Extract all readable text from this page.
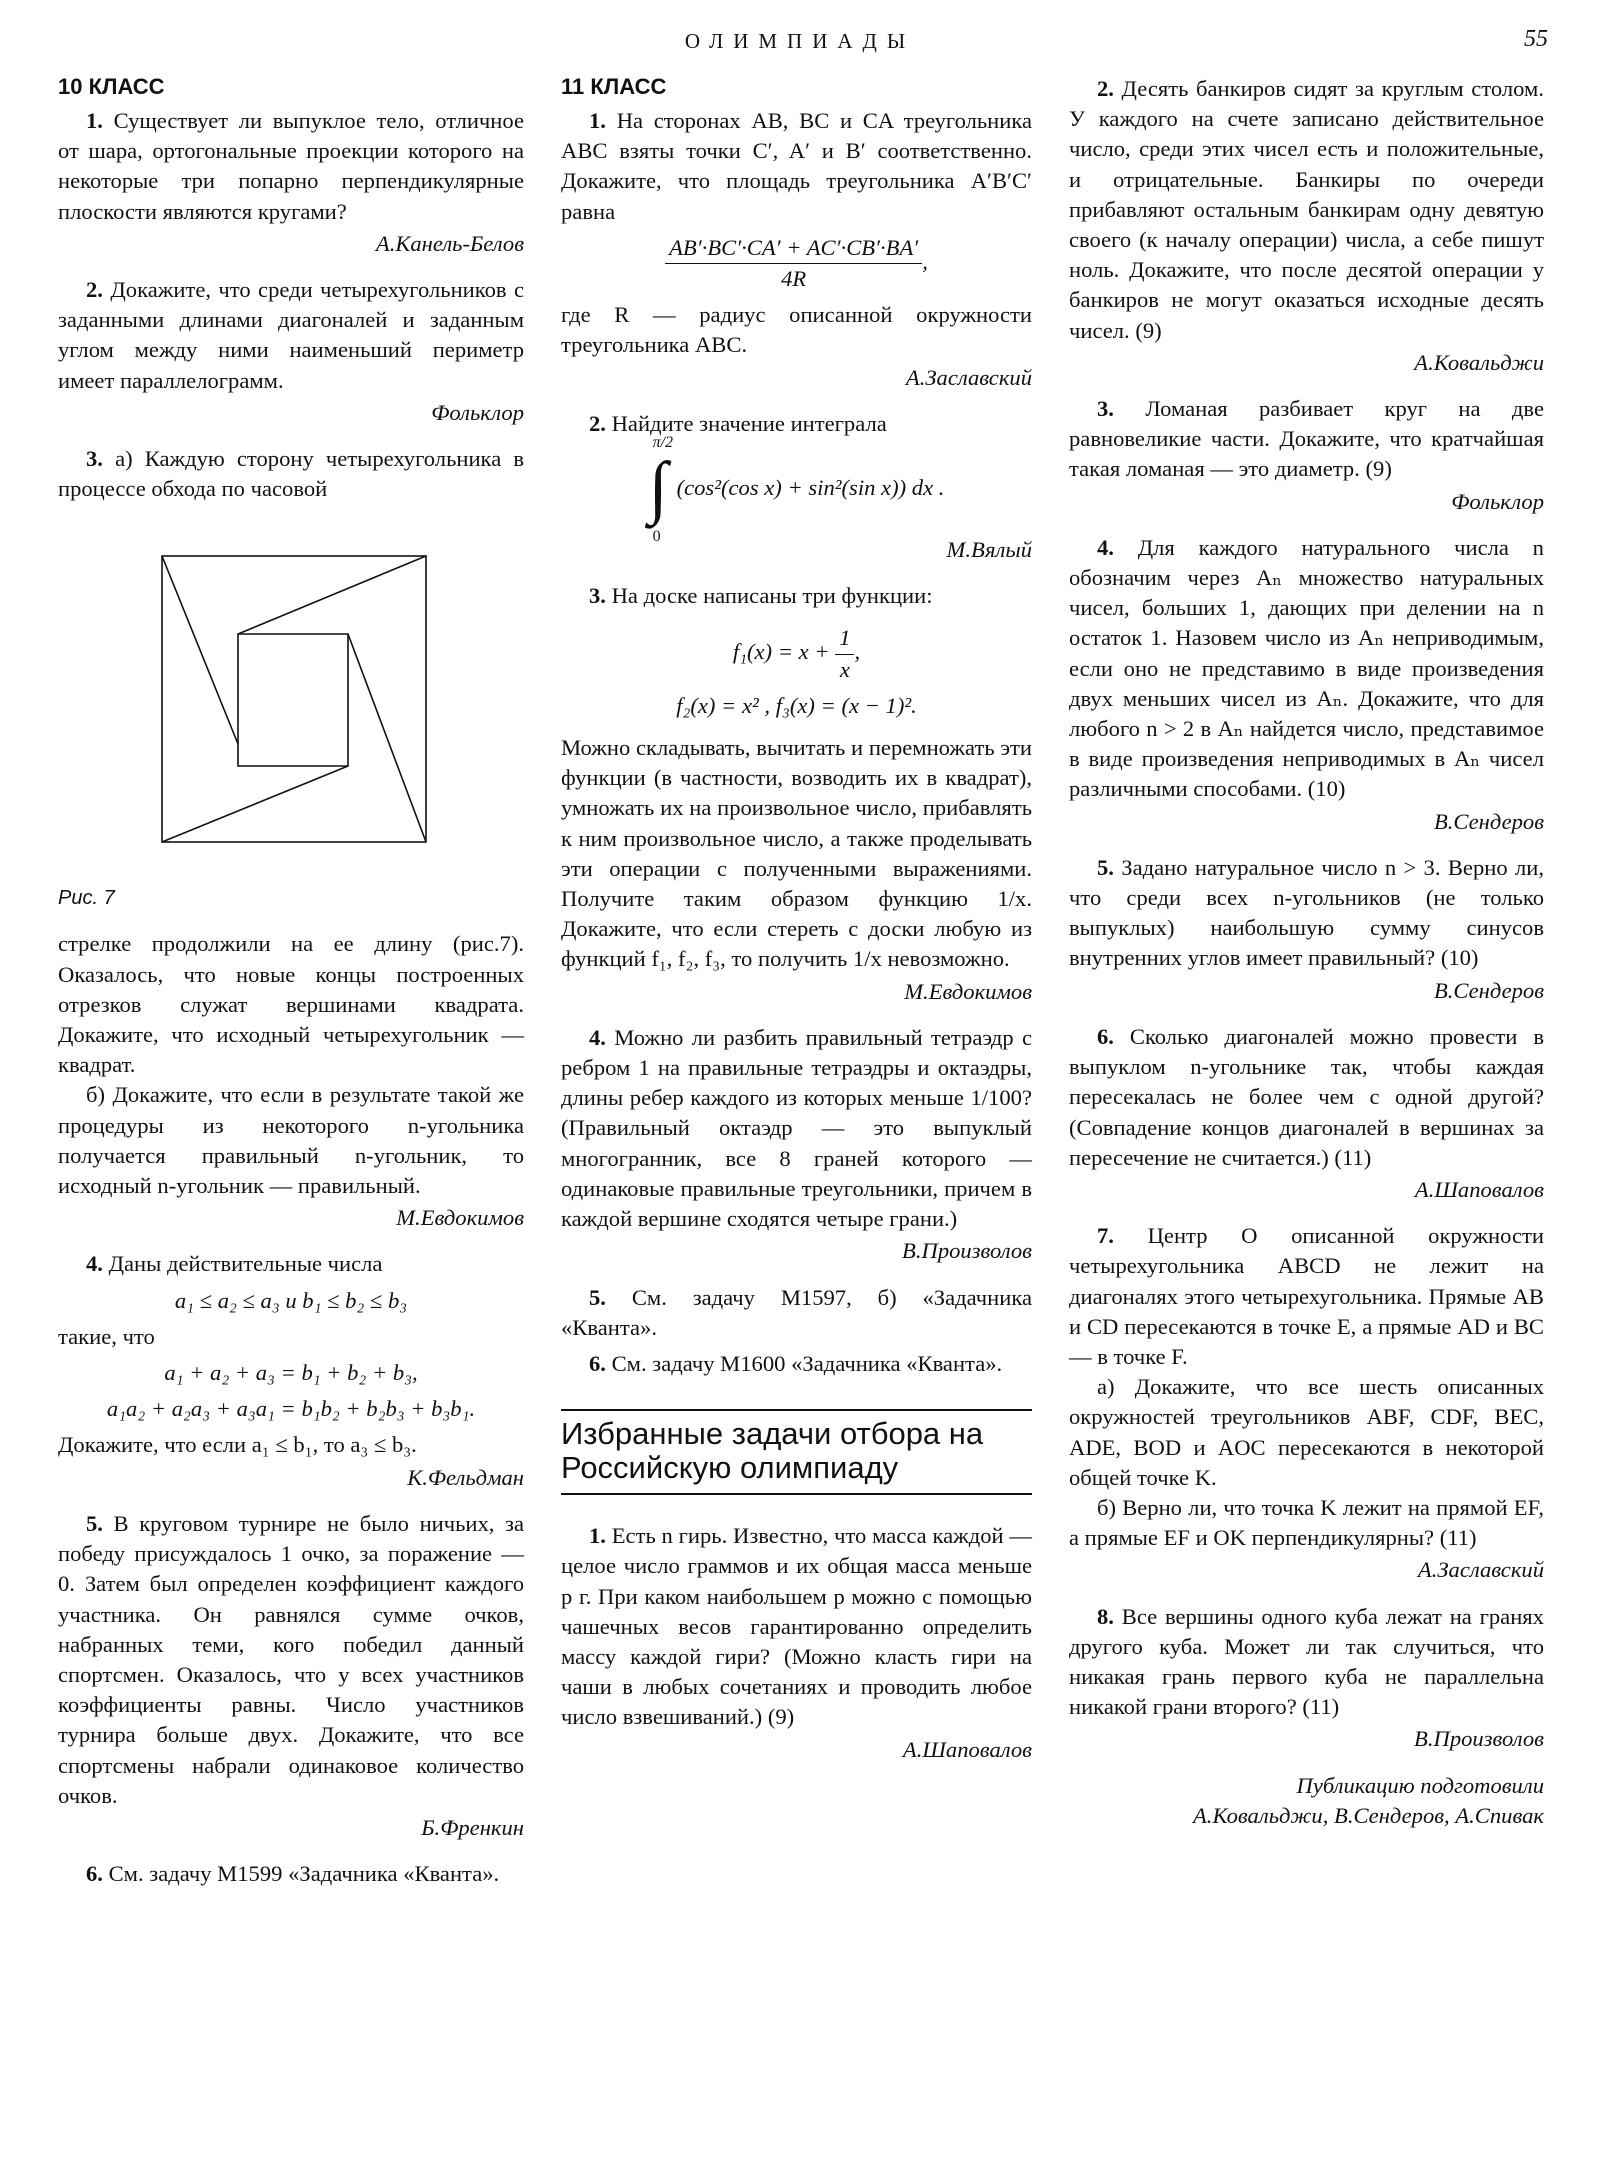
ОЛИМПИАДЫ	55
10 КЛАСС

1. Существует ли выпуклое тело, отличное от шара, ортогональные проекции которого на некоторые три попарно перпендикулярные плоскости являются кругами?

А.Канель-Белов

2. Докажите, что среди четырехугольников с заданными длинами диагоналей и заданным углом между ними наименьший периметр имеет параллелограмм.

Фольклор

3. а) Каждую сторону четырехугольника в процессе обхода по часовой

Рис. 7

стрелке продолжили на ее длину (рис.7). Оказалось, что новые концы построенных отрезков служат вершинами квадрата. Докажите, что исходный четырехугольник — квадрат.

б) Докажите, что если в результате такой же процедуры из некоторого n-угольника получается правильный n-угольник, то исходный n-угольник — правильный.

М.Евдокимов

4. Даны действительные числа

a₁ ≤ a₂ ≤ a₃ и b₁ ≤ b₂ ≤ b₃

такие, что

a₁ + a₂ + a₃ = b₁ + b₂ + b₃,
a₁a₂ + a₂a₃ + a₃a₁ = b₁b₂ + b₂b₃ + b₃b₁.

Докажите, что если a₁ ≤ b₁, то a₃ ≤ b₃.

К.Фельдман

5. В круговом турнире не было ничьих, за победу присуждалось 1 очко, за поражение — 0. Затем был определен коэффициент каждого участника. Он равнялся сумме очков, набранных теми, кого победил данный спортсмен. Оказалось, что у всех участников коэффициенты равны. Число участников турнира больше двух. Докажите, что все спортсмены набрали одинаковое количество очков.

Б.Френкин

6. См. задачу М1599 «Задачника «Кванта».

11 КЛАСС

1. На сторонах AB, BC и CA треугольника ABC взяты точки C′, A′ и B′ соответственно. Докажите, что площадь треугольника A′B′C′ равна

$\frac{AB'\cdot BC'\cdot CA' + AC'\cdot CB'\cdot BA'}{4R}$ ,

где R — радиус описанной окружности треугольника ABC.

А.Заславский

2. Найдите значение интеграла

∫
π/2
0
(cos²(cos x) + sin²(sin x)) dx .
М.Вялый

3. На доске написаны три функции:

$f_1(x) = x + \frac{1}{x}$ ,
f₂(x) = x² , f₃(x) = (x − 1)².

Можно складывать, вычитать и перемножать эти функции (в частности, возводить их в квадрат), умножать их на произвольное число, прибавлять к ним произвольное число, а также проделывать эти операции с полученными выражениями. Получите таким образом функцию 1/x. Докажите, что если стереть с доски любую из функций f₁, f₂, f₃, то получить 1/x невозможно.

М.Евдокимов

4. Можно ли разбить правильный тетраэдр с ребром 1 на правильные тетраэдры и октаэдры, длины ребер каждого из которых меньше 1/100? (Правильный октаэдр — это выпуклый многогранник, все 8 граней которого — одинаковые правильные треугольники, причем в каждой вершине сходятся четыре грани.)

В.Произволов

5. См. задачу М1597, б) «Задачника «Кванта».

6. См. задачу М1600 «Задачника «Кванта».

Избранные задачи отбора на Российскую олимпиаду

1. Есть n гирь. Известно, что масса каждой — целое число граммов и их общая масса меньше p г. При каком наибольшем p можно с помощью чашечных весов гарантированно определить массу каждой гири? (Можно класть гири на чаши в любых сочетаниях и проводить любое число взвешиваний.) (9)

А.Шаповалов

2. Десять банкиров сидят за круглым столом. У каждого на счете записано действительное число, среди этих чисел есть и положительные, и отрицательные. Банкиры по очереди прибавляют остальным банкирам одну девятую своего (к началу операции) числа, а себе пишут ноль. Докажите, что после десятой операции у банкиров не могут оказаться исходные десять чисел. (9)

А.Ковальджи

3. Ломаная разбивает круг на две равновеликие части. Докажите, что кратчайшая такая ломаная — это диаметр. (9)

Фольклор

4. Для каждого натурального числа n обозначим через Aₙ множество натуральных чисел, больших 1, дающих при делении на n остаток 1. Назовем число из Aₙ неприводимым, если оно не представимо в виде произведения двух меньших чисел из Aₙ. Докажите, что для любого n > 2 в Aₙ найдется число, представимое в виде произведения неприводимых в Aₙ чисел различными способами. (10)

В.Сендеров

5. Задано натуральное число n > 3. Верно ли, что среди всех n-угольников (не только выпуклых) наибольшую сумму синусов внутренних углов имеет правильный? (10)

В.Сендеров

6. Сколько диагоналей можно провести в выпуклом n-угольнике так, чтобы каждая пересекалась не более чем с одной другой? (Совпадение концов диагоналей в вершинах за пересечение не считается.) (11)

А.Шаповалов

7. Центр O описанной окружности четырехугольника ABCD не лежит на диагоналях этого четырехугольника. Прямые AB и CD пересекаются в точке E, а прямые AD и BC — в точке F.

а) Докажите, что все шесть описанных окружностей треугольников ABF, CDF, BEC, ADE, BOD и AOC пересекаются в некоторой общей точке K.

б) Верно ли, что точка K лежит на прямой EF, а прямые EF и OK перпендикулярны? (11)

А.Заславский

8. Все вершины одного куба лежат на гранях другого куба. Может ли так случиться, что никакая грань первого куба не параллельна никакой грани второго? (11)

В.Произволов
Публикацию подготовили
А.Ковальджи, В.Сендеров, А.Спивак
